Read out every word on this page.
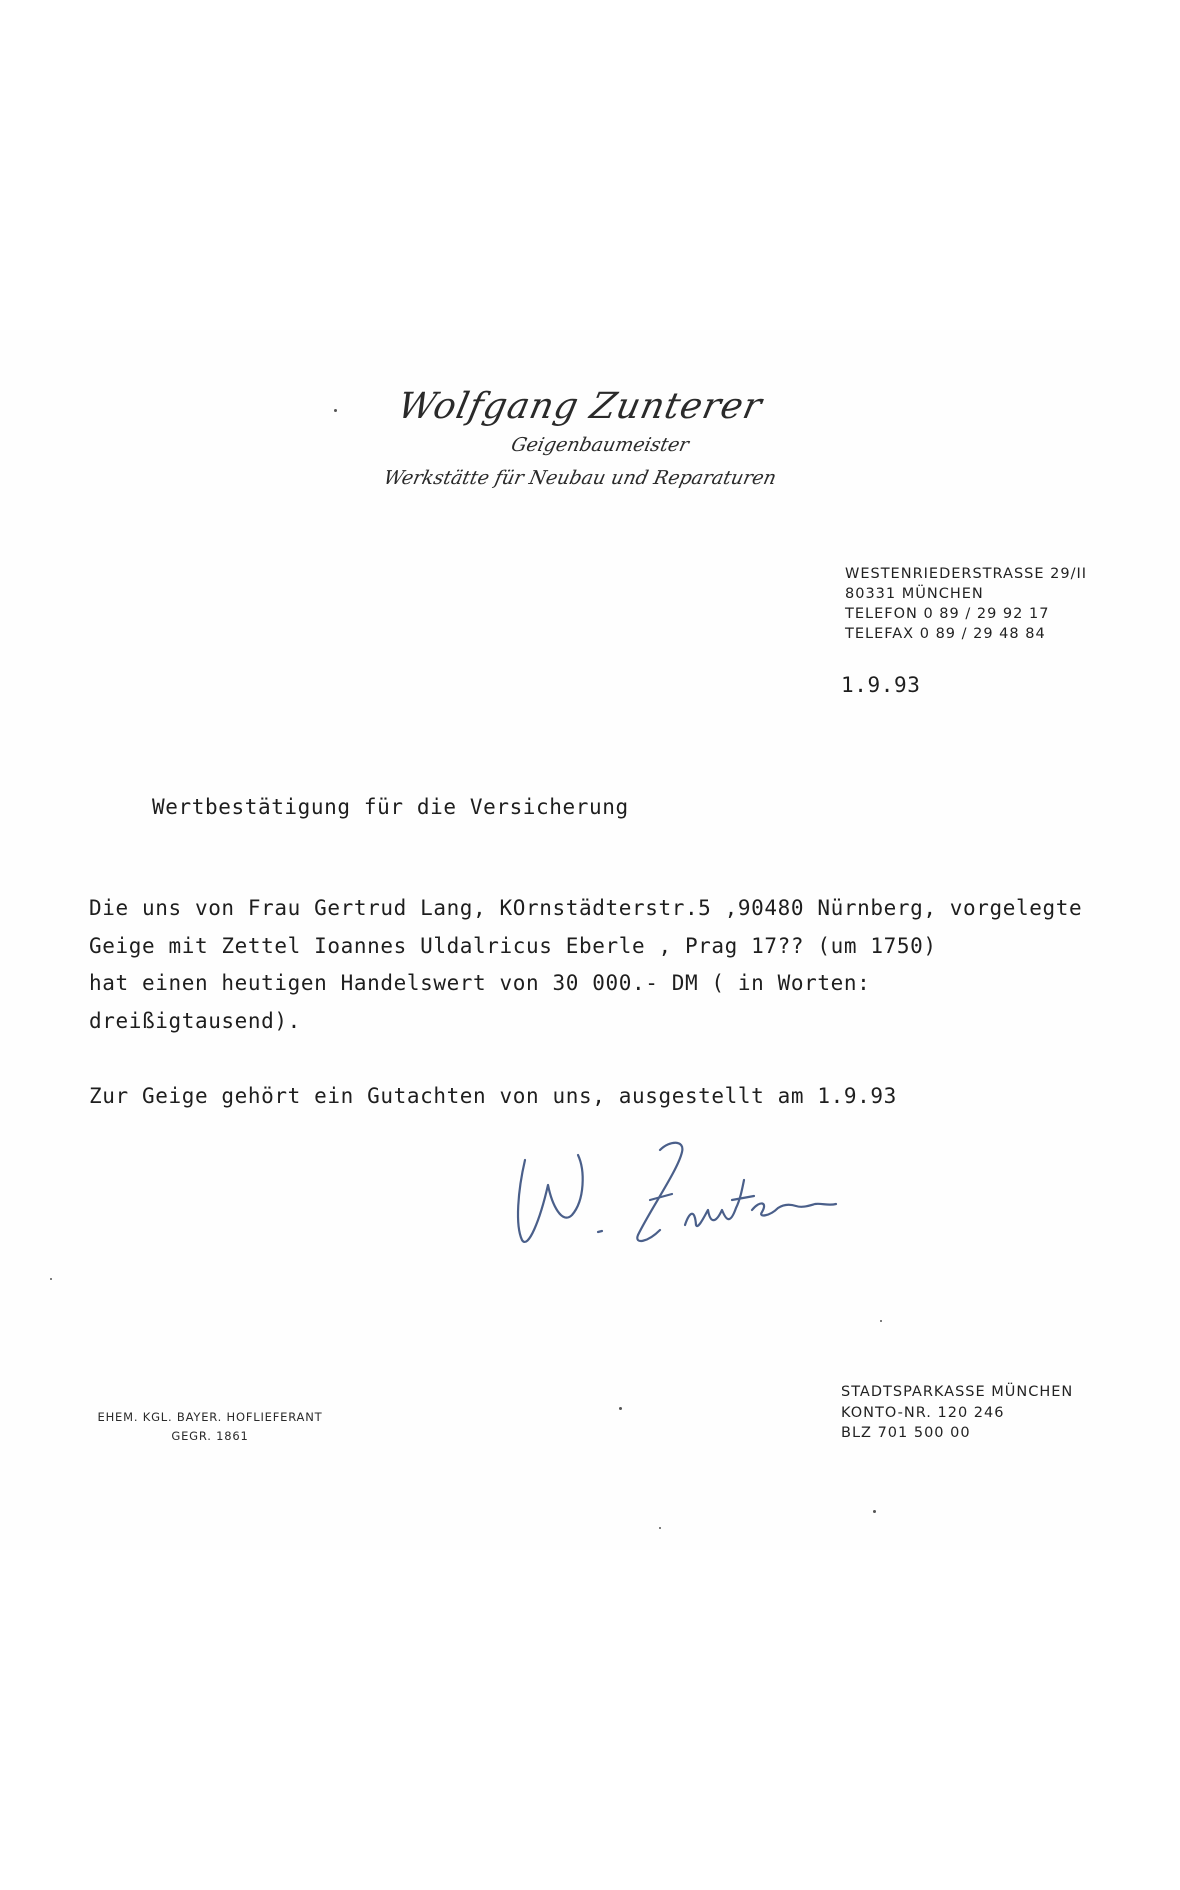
Wolfgang Zunterer
Geigenbaumeister
Werkstätte für Neubau und Reparaturen
WESTENRIEDERSTRASSE 29/II
80331 MÜNCHEN
TELEFON 0 89 / 29 92 17
TELEFAX 0 89 / 29 48 84
1.9.93
Wertbestätigung für die Versicherung

Die uns von Frau Gertrud Lang, KOrnstädterstr.5 ,90480 Nürnberg, vorgelegte
Geige mit Zettel Ioannes Uldalricus Eberle , Prag 17?? (um 1750)
hat einen heutigen Handelswert von 30 000.- DM ( in Worten:
dreißigtausend).

Zur Geige gehört ein Gutachten von uns, ausgestellt am 1.9.93

EHEM. KGL. BAYER. HOFLIEFERANT
GEGR. 1861
STADTSPARKASSE MÜNCHEN
KONTO-NR. 120 246
BLZ 701 500 00
